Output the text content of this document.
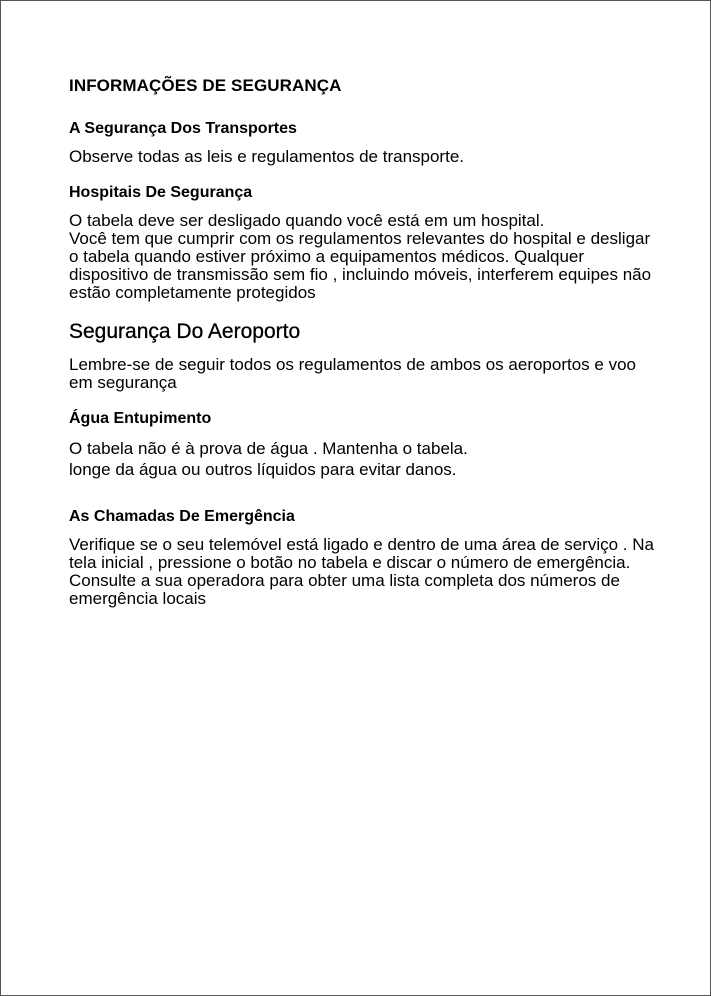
INFORMAÇÕES DE SEGURANÇA
A Segurança Dos Transportes

Observe todas as leis e regulamentos de transporte.

Hospitais De Segurança

O tabela deve ser desligado quando você está em um hospital.

Você tem que cumprir com os regulamentos relevantes do hospital e desligar o tabela quando estiver próximo a equipamentos médicos. Qualquer dispositivo de transmissão sem fio , incluindo móveis, interferem equipes não estão completamente protegidos

Segurança Do Aeroporto

Lembre-se de seguir todos os regulamentos de ambos os aeroportos e voo em segurança

Água Entupimento

O tabela não é à prova de água . Mantenha o tabela.

longe da água ou outros líquidos para evitar danos.

As Chamadas De Emergência

Verifique se o seu telemóvel está ligado e dentro de uma área de serviço . Na tela inicial , pressione o botão no tabela e discar o número de emergência. Consulte a sua operadora para obter uma lista completa dos números de emergência locais
